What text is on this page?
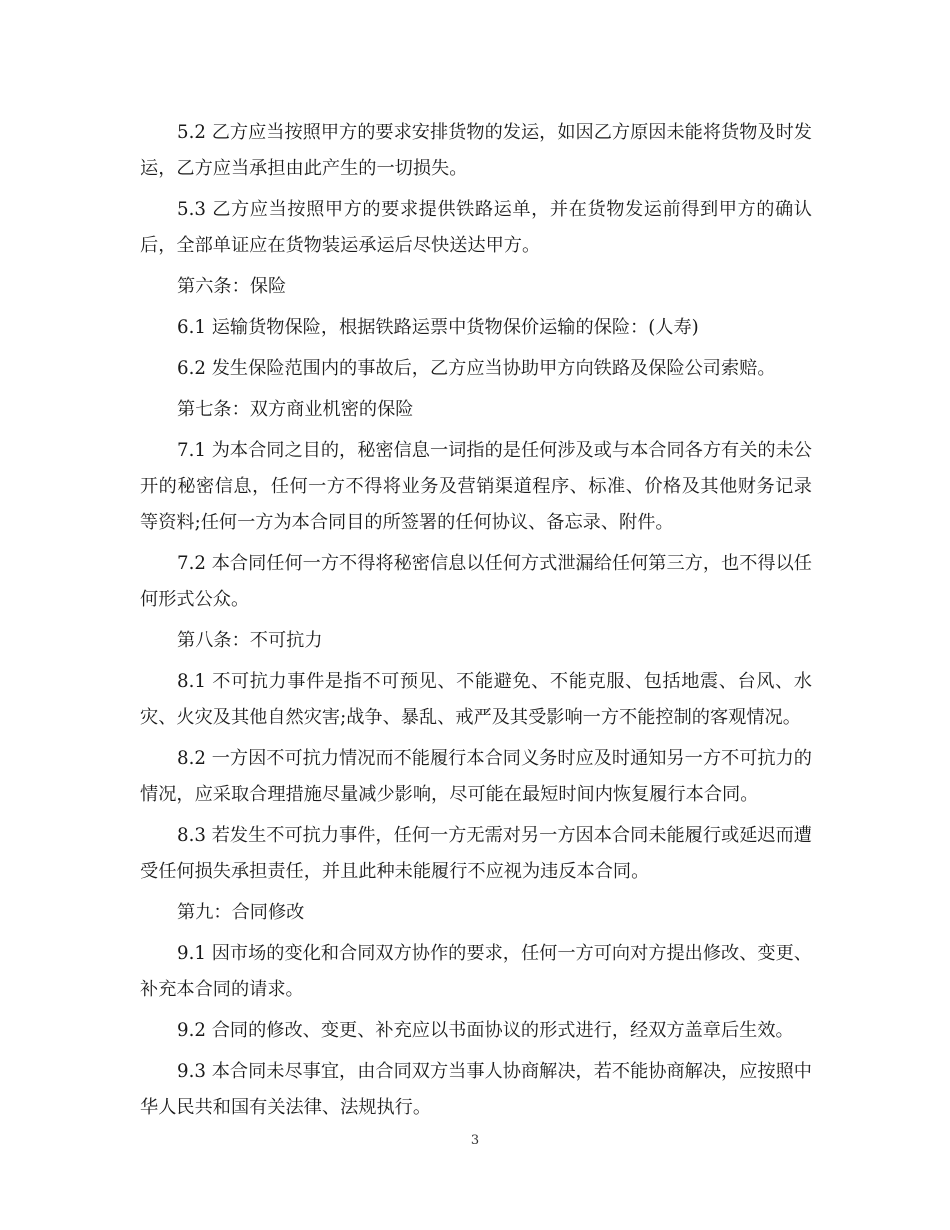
5.2 乙方应当按照甲方的要求安排货物的发运，如因乙方原因未能将货物及时发运，乙方应当承担由此产生的一切损失。

5.3 乙方应当按照甲方的要求提供铁路运单，并在货物发运前得到甲方的确认后，全部单证应在货物装运承运后尽快送达甲方。

第六条：保险

6.1 运输货物保险，根据铁路运票中货物保价运输的保险：(人寿)

6.2 发生保险范围内的事故后，乙方应当协助甲方向铁路及保险公司索赔。

第七条：双方商业机密的保险

7.1 为本合同之目的，秘密信息一词指的是任何涉及或与本合同各方有关的未公开的秘密信息，任何一方不得将业务及营销渠道程序、标准、价格及其他财务记录等资料;任何一方为本合同目的所签署的任何协议、备忘录、附件。

7.2 本合同任何一方不得将秘密信息以任何方式泄漏给任何第三方，也不得以任何形式公众。

第八条：不可抗力

8.1 不可抗力事件是指不可预见、不能避免、不能克服、包括地震、台风、水灾、火灾及其他自然灾害;战争、暴乱、戒严及其受影响一方不能控制的客观情况。

8.2 一方因不可抗力情况而不能履行本合同义务时应及时通知另一方不可抗力的情况，应采取合理措施尽量减少影响，尽可能在最短时间内恢复履行本合同。

8.3 若发生不可抗力事件，任何一方无需对另一方因本合同未能履行或延迟而遭受任何损失承担责任，并且此种未能履行不应视为违反本合同。

第九：合同修改

9.1 因市场的变化和合同双方协作的要求，任何一方可向对方提出修改、变更、补充本合同的请求。

9.2 合同的修改、变更、补充应以书面协议的形式进行，经双方盖章后生效。

9.3 本合同未尽事宜，由合同双方当事人协商解决，若不能协商解决，应按照中华人民共和国有关法律、法规执行。

3
